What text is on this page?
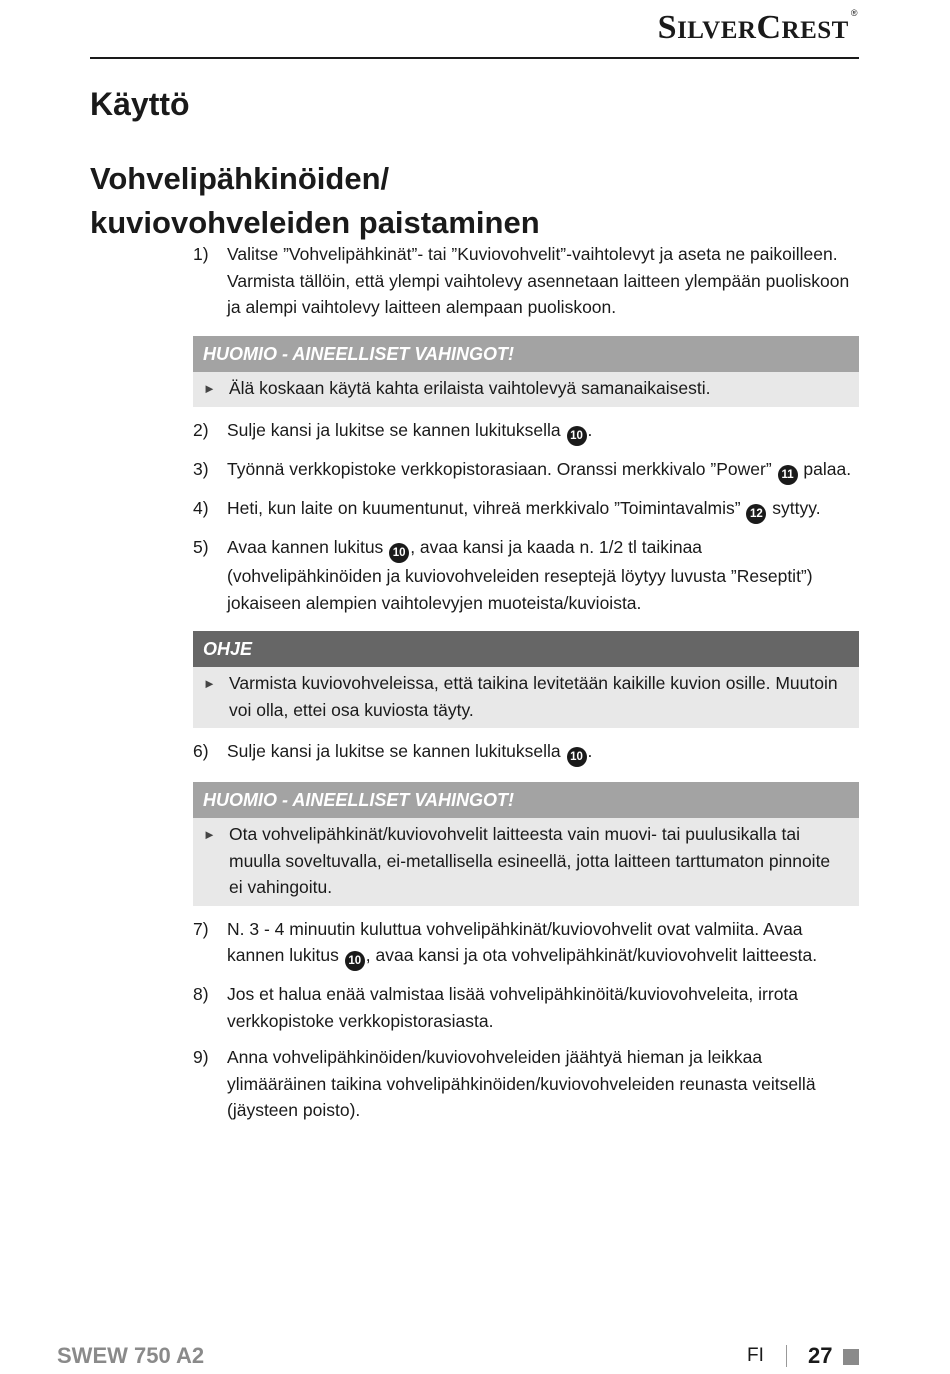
SILVERCREST®
Käyttö
Vohvelipähkinöiden/
kuviovohveleiden paistaminen
1)	Valitse ”Vohvelipähkinät”- tai ”Kuviovohvelit”-vaihtolevyt ja aseta ne paikoilleen. Varmista tällöin, että ylempi vaihtolevy asennetaan laitteen ylempään puoliskoon ja alempi vaihtolevy laitteen alempaan puoliskoon.
HUOMIO - AINEELLISET VAHINGOT!
► Älä koskaan käytä kahta erilaista vaihtolevyä samanaikaisesti.
2)	Sulje kansi ja lukitse se kannen lukituksella 10 .
3)	Työnnä verkkopistoke verkkopistorasiaan. Oranssi merkkivalo ”Power” 11 palaa.
4)	Heti, kun laite on kuumentunut, vihreä merkkivalo ”Toimintavalmis” 12 syttyy.
5)	Avaa kannen lukitus 10 , avaa kansi ja kaada n. 1/2 tl taikinaa (vohvelipähkinöiden ja kuviovohveleiden reseptejä löytyy luvusta ”Reseptit”) jokaiseen alempien vaihtolevyjen muoteista/kuvioista.
OHJE
► Varmista kuviovohveleissa, että taikina levitetään kaikille kuvion osille. Muutoin voi olla, ettei osa kuviosta täyty.
6)	Sulje kansi ja lukitse se kannen lukituksella 10 .
HUOMIO - AINEELLISET VAHINGOT!
► Ota vohvelipähkinät/kuviovohvelit laitteesta vain muovi- tai puulusikalla tai muulla soveltuvalla, ei-metallisella esineellä, jotta laitteen tarttumaton pinnoite ei vahingoitu.
7)	N. 3 - 4 minuutin kuluttua vohvelipähkinät/kuviovohvelit ovat valmiita. Avaa kannen lukitus 10 , avaa kansi ja ota vohvelipähkinät/kuviovohvelit laitteesta.
8)	Jos et halua enää valmistaa lisää vohvelipähkinöitä/kuviovohveleita, irrota verkkopistoke verkkopistorasiasta.
9)	Anna vohvelipähkinöiden/kuviovohveleiden jäähtyä hieman ja leikkaa ylimääräinen taikina vohvelipähkinöiden/kuviovohveleiden reunasta veitsellä (jäysteen poisto).
SWEW 750 A2	FI 27
